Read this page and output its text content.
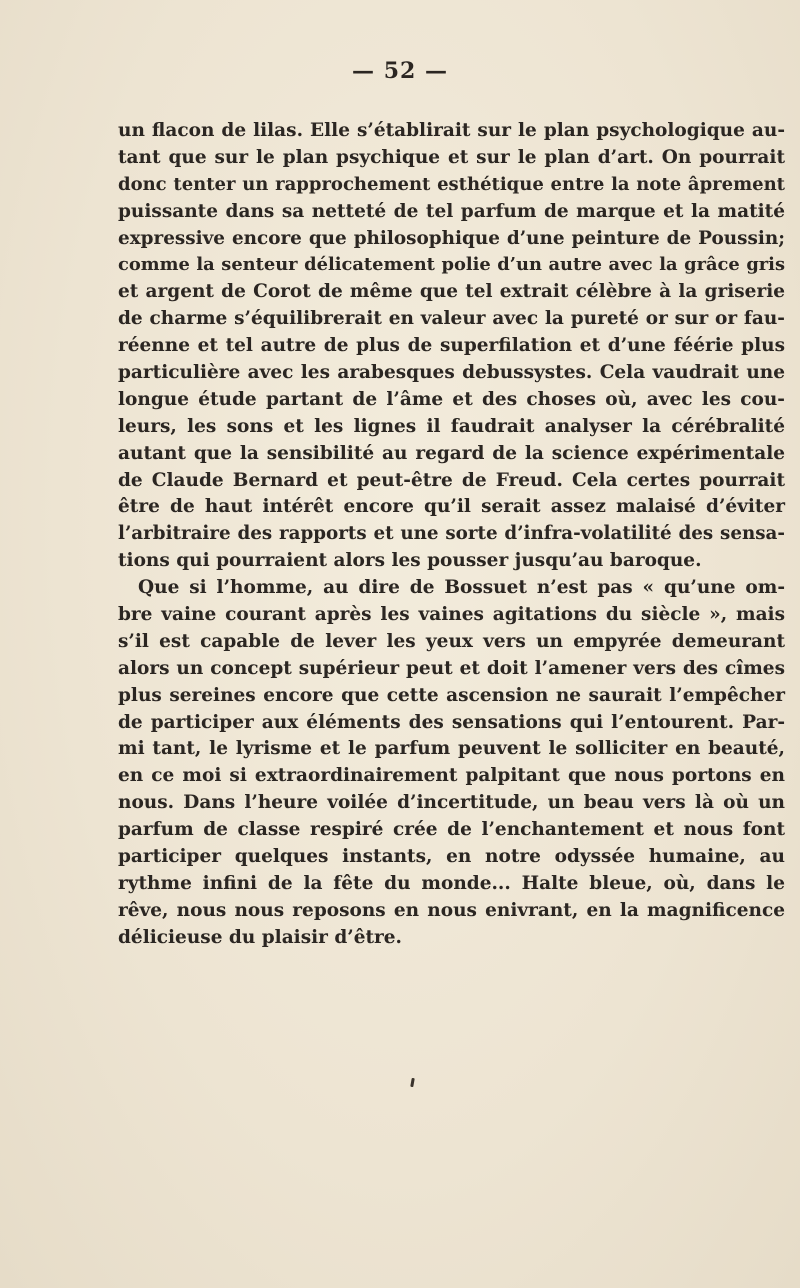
— 52 —
un flacon de lilas. Elle s’établirait sur le plan psychologique au-
tant que sur le plan psychique et sur le plan d’art. On pourrait
donc tenter un rapprochement esthétique entre la note âprement
puissante dans sa netteté de tel parfum de marque et la matité
expressive encore que philosophique d’une peinture de Poussin;
comme la senteur délicatement polie d’un autre avec la grâce gris
et argent de Corot de même que tel extrait célèbre à la griserie
de charme s’équilibrerait en valeur avec la pureté or sur or fau-
réenne et tel autre de plus de superfilation et d’une féérie plus
particulière avec les arabesques debussystes. Cela vaudrait une
longue étude partant de l’âme et des choses où, avec les cou-
leurs, les sons et les lignes il faudrait analyser la cérébralité
autant que la sensibilité au regard de la science expérimentale
de Claude Bernard et peut-être de Freud. Cela certes pourrait
être de haut intérêt encore qu’il serait assez malaisé d’éviter
l’arbitraire des rapports et une sorte d’infra-volatilité des sensa-
tions qui pourraient alors les pousser jusqu’au baroque.
Que si l’homme, au dire de Bossuet n’est pas « qu’une om-
bre vaine courant après les vaines agitations du siècle », mais
s’il est capable de lever les yeux vers un empyrée demeurant
alors un concept supérieur peut et doit l’amener vers des cîmes
plus sereines encore que cette ascension ne saurait l’empêcher
de participer aux éléments des sensations qui l’entourent. Par-
mi tant, le lyrisme et le parfum peuvent le solliciter en beauté,
en ce moi si extraordinairement palpitant que nous portons en
nous. Dans l’heure voilée d’incertitude, un beau vers là où un
parfum de classe respiré crée de l’enchantement et nous font
participer quelques instants, en notre odyssée humaine, au
rythme infini de la fête du monde... Halte bleue, où, dans le
rêve, nous nous reposons en nous enivrant, en la magnificence
délicieuse du plaisir d’être.
